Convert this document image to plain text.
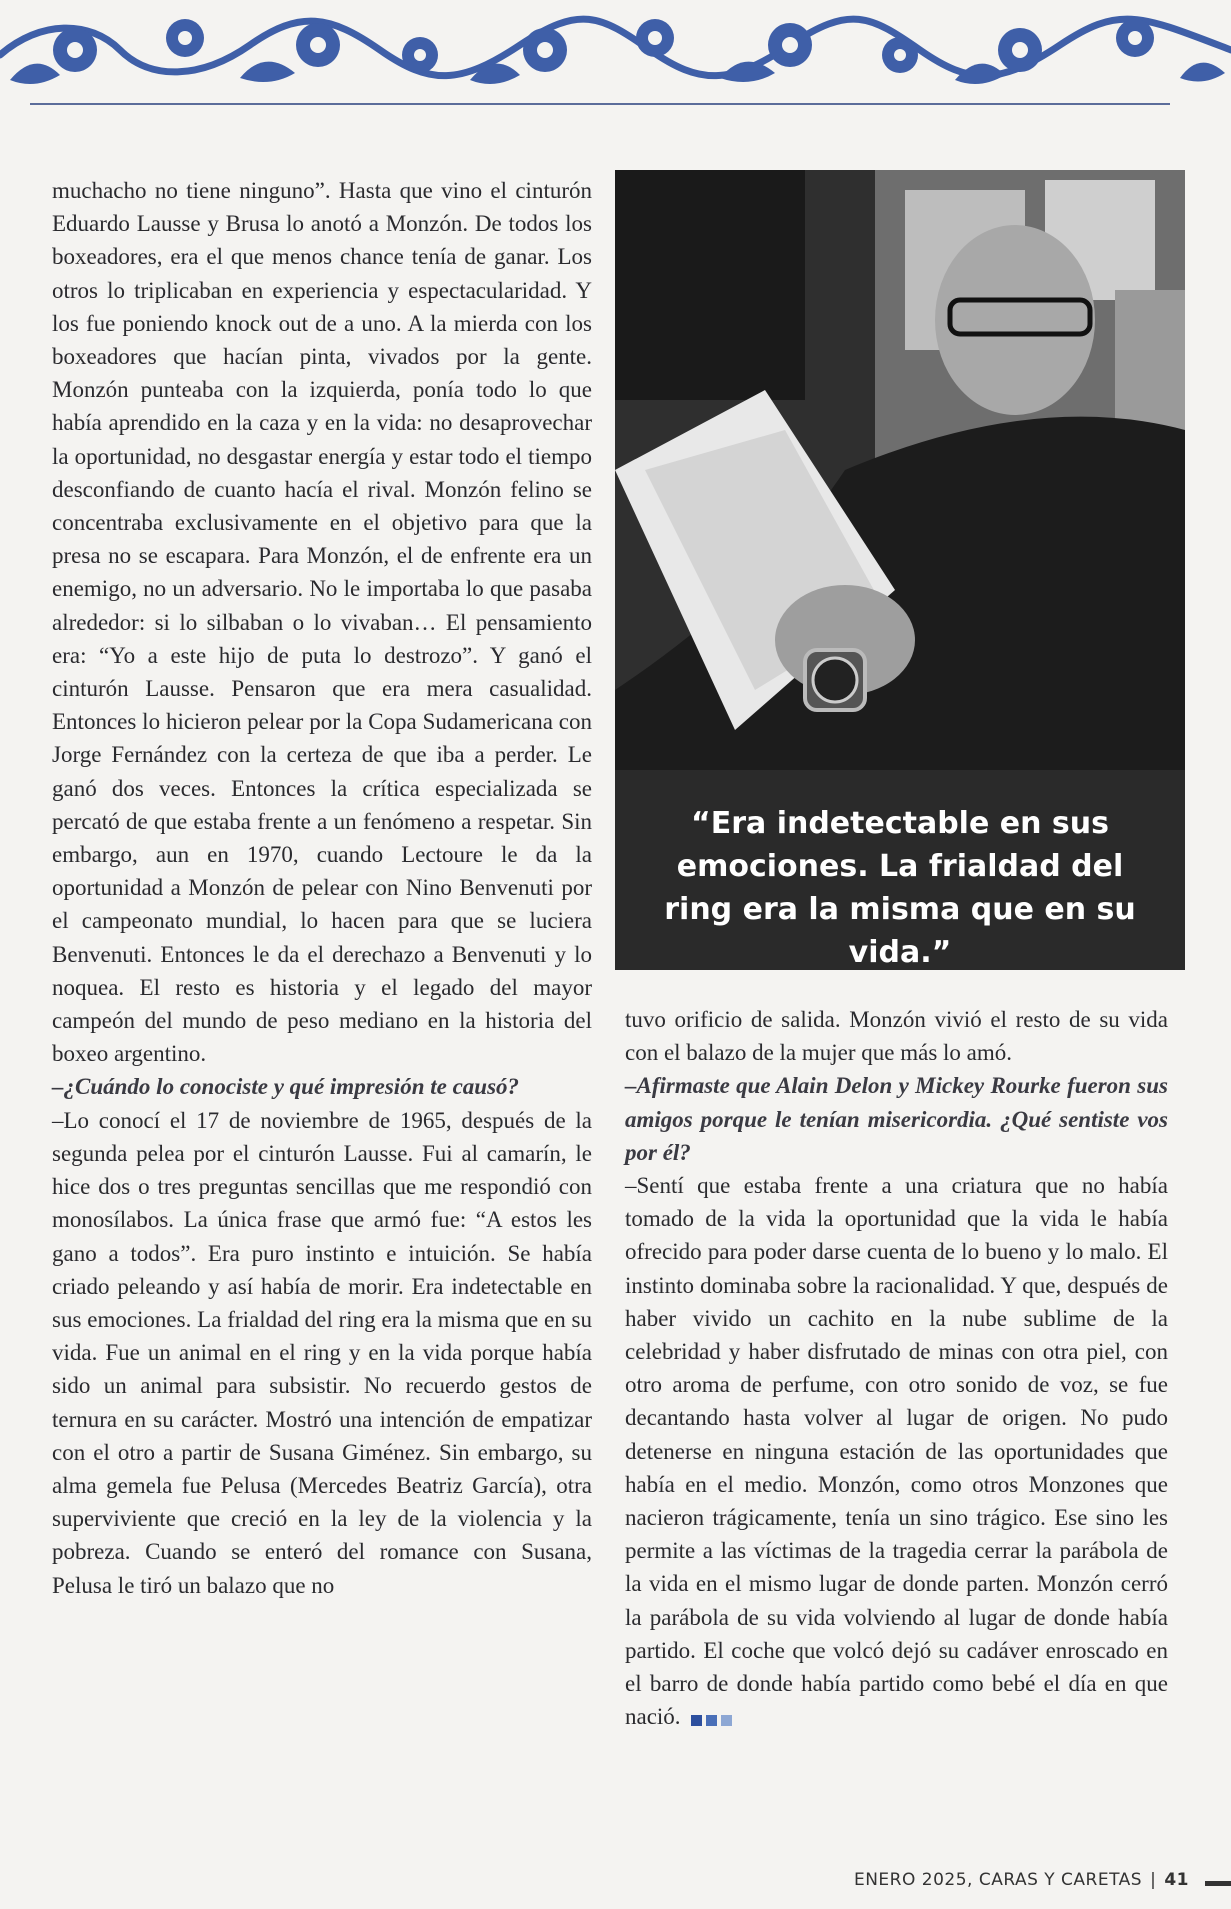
muchacho no tiene ninguno”. Hasta que vino el cinturón Eduardo Lausse y Brusa lo anotó a Monzón. De todos los boxeadores, era el que menos chance tenía de ganar. Los otros lo triplicaban en experiencia y espectacularidad. Y los fue poniendo knock out de a uno. A la mierda con los boxeadores que hacían pinta, vivados por la gente. Monzón punteaba con la izquierda, ponía todo lo que había aprendido en la caza y en la vida: no desaprovechar la oportunidad, no desgastar energía y estar todo el tiempo desconfiando de cuanto hacía el rival. Monzón felino se concentraba exclusivamente en el objetivo para que la presa no se escapara. Para Monzón, el de enfrente era un enemigo, no un adversario. No le importaba lo que pasaba alrededor: si lo silbaban o lo vivaban… El pensamiento era: “Yo a este hijo de puta lo destrozo”. Y ganó el cinturón Lausse. Pensaron que era mera casualidad. Entonces lo hicieron pelear por la Copa Sudamericana con Jorge Fernández con la certeza de que iba a perder. Le ganó dos veces. Entonces la crítica especializada se percató de que estaba frente a un fenómeno a respetar. Sin embargo, aun en 1970, cuando Lectoure le da la oportunidad a Monzón de pelear con Nino Benvenuti por el campeonato mundial, lo hacen para que se luciera Benvenuti. Entonces le da el derechazo a Benvenuti y lo noquea. El resto es historia y el legado del mayor campeón del mundo de peso mediano en la historia del boxeo argentino.

–¿Cuándo lo conociste y qué impresión te causó?

–Lo conocí el 17 de noviembre de 1965, después de la segunda pelea por el cinturón Lausse. Fui al camarín, le hice dos o tres preguntas sencillas que me respondió con monosílabos. La única frase que armó fue: “A estos les gano a todos”. Era puro instinto e intuición. Se había criado peleando y así había de morir. Era indetectable en sus emociones. La frialdad del ring era la misma que en su vida. Fue un animal en el ring y en la vida porque había sido un animal para subsistir. No recuerdo gestos de ternura en su carácter. Mostró una intención de empatizar con el otro a partir de Susana Giménez. Sin embargo, su alma gemela fue Pelusa (Mercedes Beatriz García), otra superviviente que creció en la ley de la violencia y la pobreza. Cuando se enteró del romance con Susana, Pelusa le tiró un balazo que no

“Era indetectable en sus emociones. La frialdad del ring era la misma que en su vida.”

tuvo orificio de salida. Monzón vivió el resto de su vida con el balazo de la mujer que más lo amó.

–Afirmaste que Alain Delon y Mickey Rourke fueron sus amigos porque le tenían misericordia. ¿Qué sentiste vos por él?

–Sentí que estaba frente a una criatura que no había tomado de la vida la oportunidad que la vida le había ofrecido para poder darse cuenta de lo bueno y lo malo. El instinto dominaba sobre la racionalidad. Y que, después de haber vivido un cachito en la nube sublime de la celebridad y haber disfrutado de minas con otra piel, con otro aroma de perfume, con otro sonido de voz, se fue decantando hasta volver al lugar de origen. No pudo detenerse en ninguna estación de las oportunidades que había en el medio. Monzón, como otros Monzones que nacieron trágicamente, tenía un sino trágico. Ese sino les permite a las víctimas de la tragedia cerrar la parábola de la vida en el mismo lugar de donde parten. Monzón cerró la parábola de su vida volviendo al lugar de donde había partido. El coche que volcó dejó su cadáver enroscado en el barro de donde había partido como bebé el día en que nació.

ENERO 2025, CARAS Y CARETAS | 41
